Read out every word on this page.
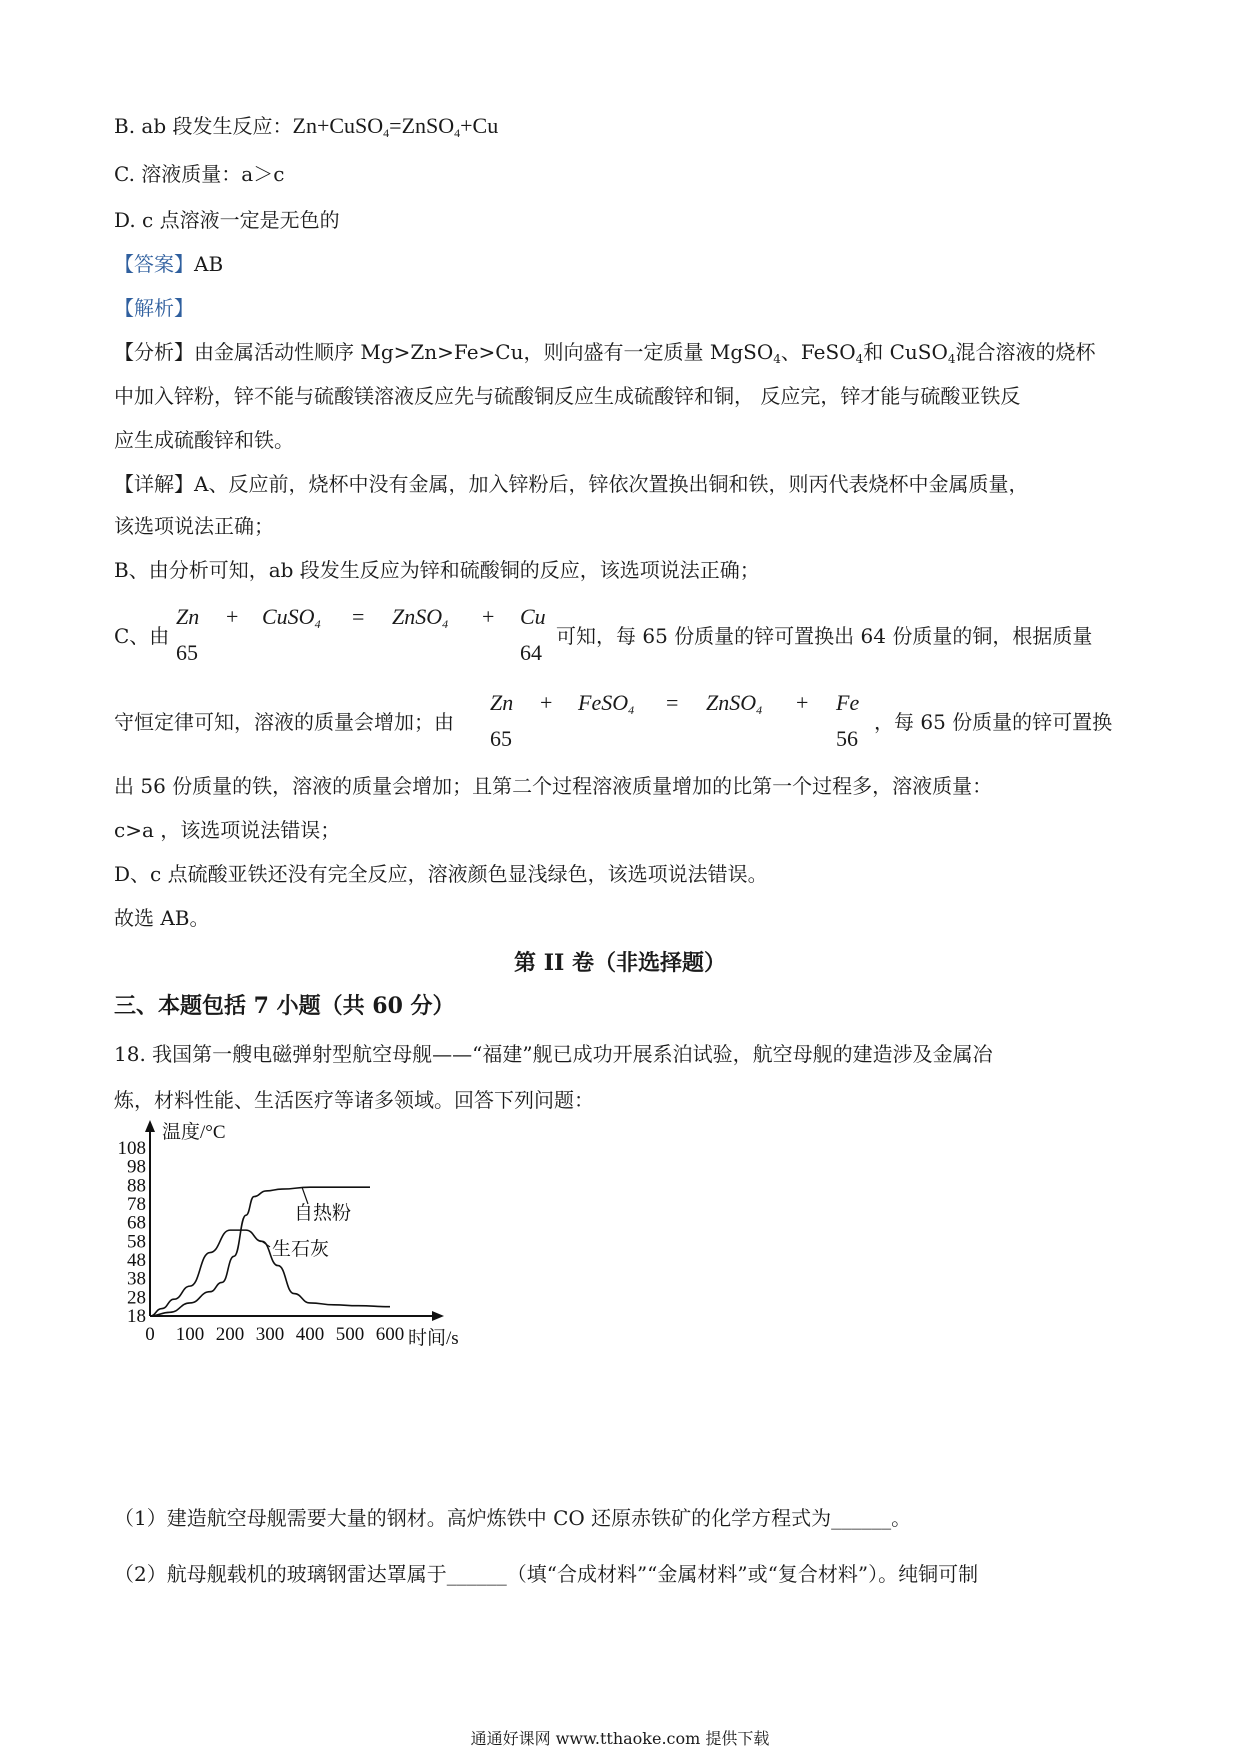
B. ab 段发生反应：Zn+CuSO$_4$=ZnSO$_4$+Cu
C. 溶液质量：a＞c
D. c 点溶液一定是无色的
【答案】AB
【解析】
【分析】由金属活动性顺序 Mg>Zn>Fe>Cu，则向盛有一定质量 MgSO$_4$、FeSO$_4$和 CuSO$_4$混合溶液的烧杯
中加入锌粉，锌不能与硫酸镁溶液反应先与硫酸铜反应生成硫酸锌和铜， 反应完，锌才能与硫酸亚铁反
应生成硫酸锌和铁。
【详解】A、反应前，烧杯中没有金属，加入锌粉后，锌依次置换出铜和铁，则丙代表烧杯中金属质量，
该选项说法正确；
B、由分析可知，ab 段发生反应为锌和硫酸铜的反应，该选项说法正确；
C、由
Zn
65
+ CuSO$_4$ = ZnSO$_4$ + Cu
64
可知，每 65 份质量的锌可置换出 64 份质量的铜，根据质量
守恒定律可知，溶液的质量会增加；由
Zn
65
+ FeSO$_4$ = ZnSO$_4$ + Fe
56
，每 65 份质量的锌可置换
出 56 份质量的铁，溶液的质量会增加；且第二个过程溶液质量增加的比第一个过程多，溶液质量：
c>a ，该选项说法错误；
D、c 点硫酸亚铁还没有完全反应，溶液颜色显浅绿色，该选项说法错误。
故选 AB。
第 II 卷（非选择题）
三、本题包括 7 小题（共 60 分）
18. 我国第一艘电磁弹射型航空母舰——“福建”舰已成功开展系泊试验，航空母舰的建造涉及金属冶
炼，材料性能、生活医疗等诸多领域。回答下列问题：
18
28
38
48
58
68
78
88
98
108
0 100 200 300 400 500 600
温度/°C
时间/s
生石灰
自热粉
（1）建造航空母舰需要大量的钢材。高炉炼铁中 CO 还原赤铁矿的化学方程式为______。
（2）航母舰载机的玻璃钢雷达罩属于______（填“合成材料”“金属材料”或“复合材料”）。纯铜可制
通通好课网 www.tthaoke.com 提供下载
